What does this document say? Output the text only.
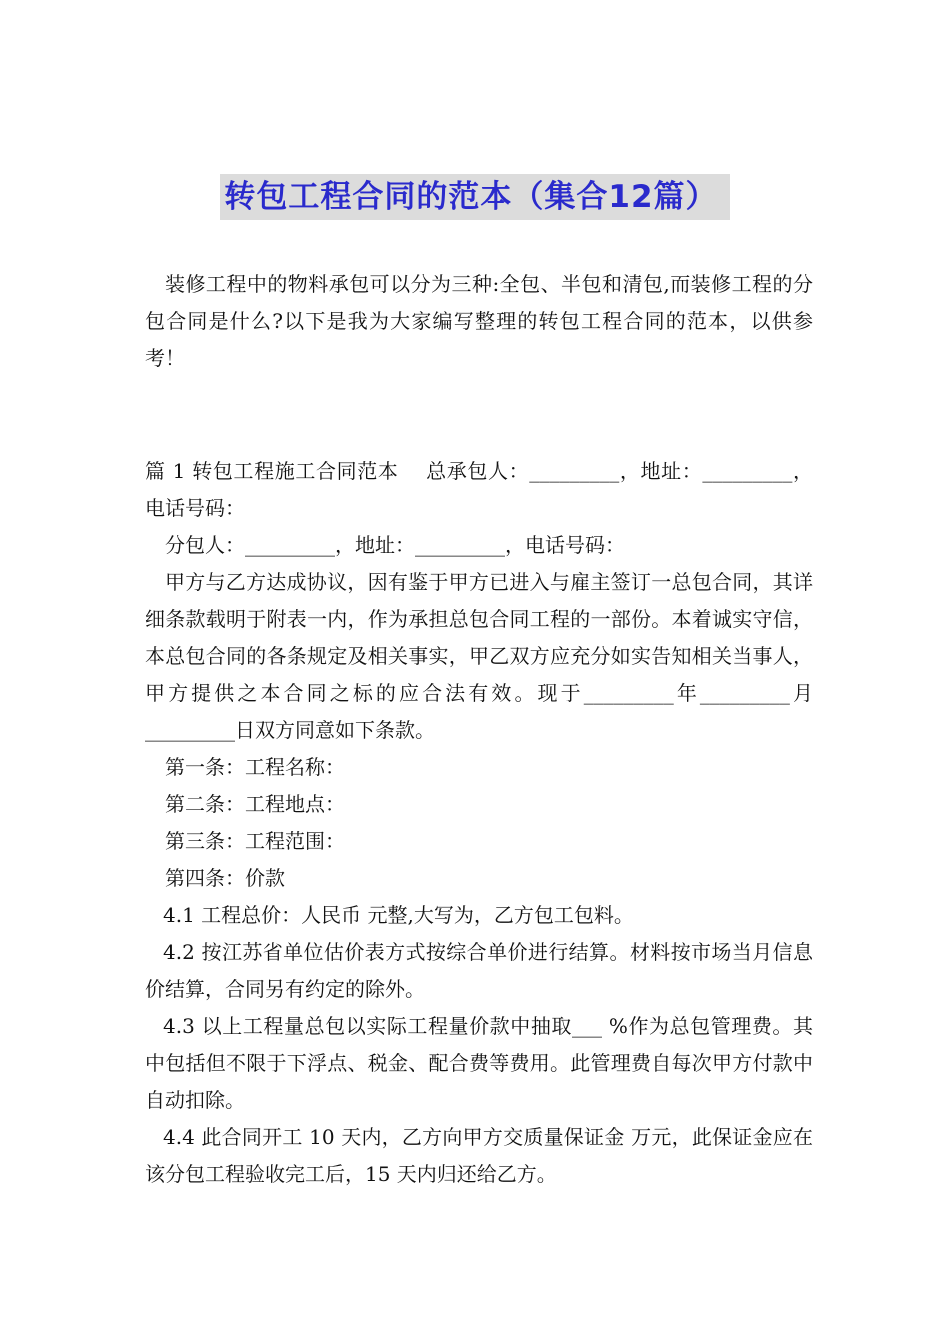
转包工程合同的范本（集合12篇）

装修工程中的物料承包可以分为三种:全包、半包和清包,而装修工程的分包合同是什么?以下是我为大家编写整理的转包工程合同的范本，以供参考！

篇 1 转包工程施工合同范本　 总承包人：_________，地址：_________，电话号码：

分包人：_________，地址：_________，电话号码：

甲方与乙方达成协议，因有鉴于甲方已进入与雇主签订一总包合同，其详细条款载明于附表一内，作为承担总包合同工程的一部份。本着诚实守信，本总包合同的各条规定及相关事实，甲乙双方应充分如实告知相关当事人，甲方提供之本合同之标的应合法有效。现于_________年_________月_________日双方同意如下条款。

第一条：工程名称：

第二条：工程地点：

第三条：工程范围：

第四条：价款

4.1 工程总价：人民币 元整,大写为，乙方包工包料。

4.2 按江苏省单位估价表方式按综合单价进行结算。材料按市场当月信息价结算，合同另有约定的除外。

4.3 以上工程量总包以实际工程量价款中抽取___ %作为总包管理费。其中包括但不限于下浮点、税金、配合费等费用。此管理费自每次甲方付款中自动扣除。

4.4 此合同开工 10 天内，乙方向甲方交质量保证金 万元，此保证金应在该分包工程验收完工后，15 天内归还给乙方。
